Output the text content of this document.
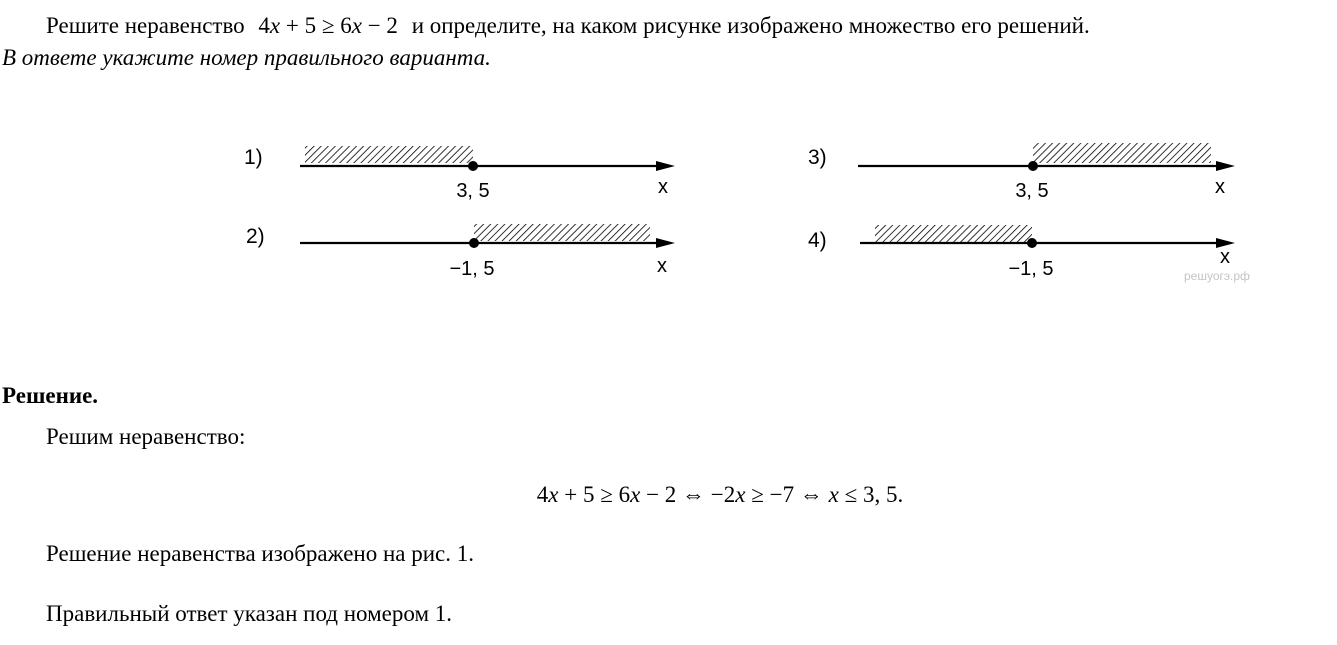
Решите неравенство 4x + 5 ≥ 6x − 2 и определите, на каком рисунке изображено множество его решений.
В ответе укажите номер правильного варианта.
1)
3, 5	x
2)
−1, 5	x
3)
3, 5	x
4)
−1, 5
x
решуогэ.рф
Решение.
Решим неравенство:
4x + 5 ≥ 6x − 2 ⇔ −2x ≥ −7 ⇔ x ≤ 3, 5.
Решение неравенства изображено на рис. 1.
Правильный ответ указан под номером 1.
